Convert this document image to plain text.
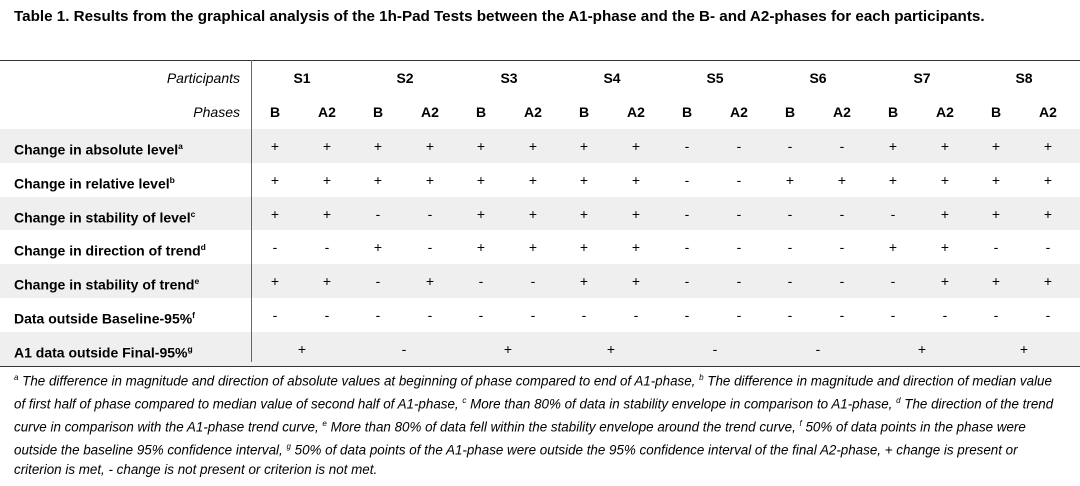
Table 1. Results from the graphical analysis of the 1h-Pad Tests between the A1-phase and the B- and A2-phases for each participants.
Participants	S1	S2	S3	S4	S5	S6	S7	S8
Phases	B	A2	B	A2	B	A2	B	A2	B	A2	B	A2	B	A2	B	A2
Change in absolute level$^a$	+	+	+	+	+	+	+	+	-	-	-	-	+	+	+	+
Change in relative level$^b$	+	+	+	+	+	+	+	+	-	-	+	+	+	+	+	+
Change in stability of level$^c$	+	+	-	-	+	+	+	+	-	-	-	-	-	+	+	+
Change in direction of trend$^d$	-	-	+	-	+	+	+	+	-	-	-	-	+	+	-	-
Change in stability of trend$^e$	+	+	-	+	-	-	+	+	-	-	-	-	-	+	+	+
Data outside Baseline-95%$^f$	-	-	-	-	-	-	-	-	-	-	-	-	-	-	-	-
A1 data outside Final-95%$^g$	+	-	+	+	-	-	+	+
$^a$ The difference in magnitude and direction of absolute values at beginning of phase compared to end of A1-phase, $^b$ The difference in magnitude and direction of median value of first half of phase compared to median value of second half of A1-phase, $^c$ More than 80% of data in stability envelope in comparison to A1-phase, $^d$ The direction of the trend curve in comparison with the A1-phase trend curve, $^e$ More than 80% of data fell within the stability envelope around the trend curve, $^f$ 50% of data points in the phase were outside the baseline 95% confidence interval, $^g$ 50% of data points of the A1-phase were outside the 95% confidence interval of the final A2-phase, + change is present or criterion is met, - change is not present or criterion is not met.
